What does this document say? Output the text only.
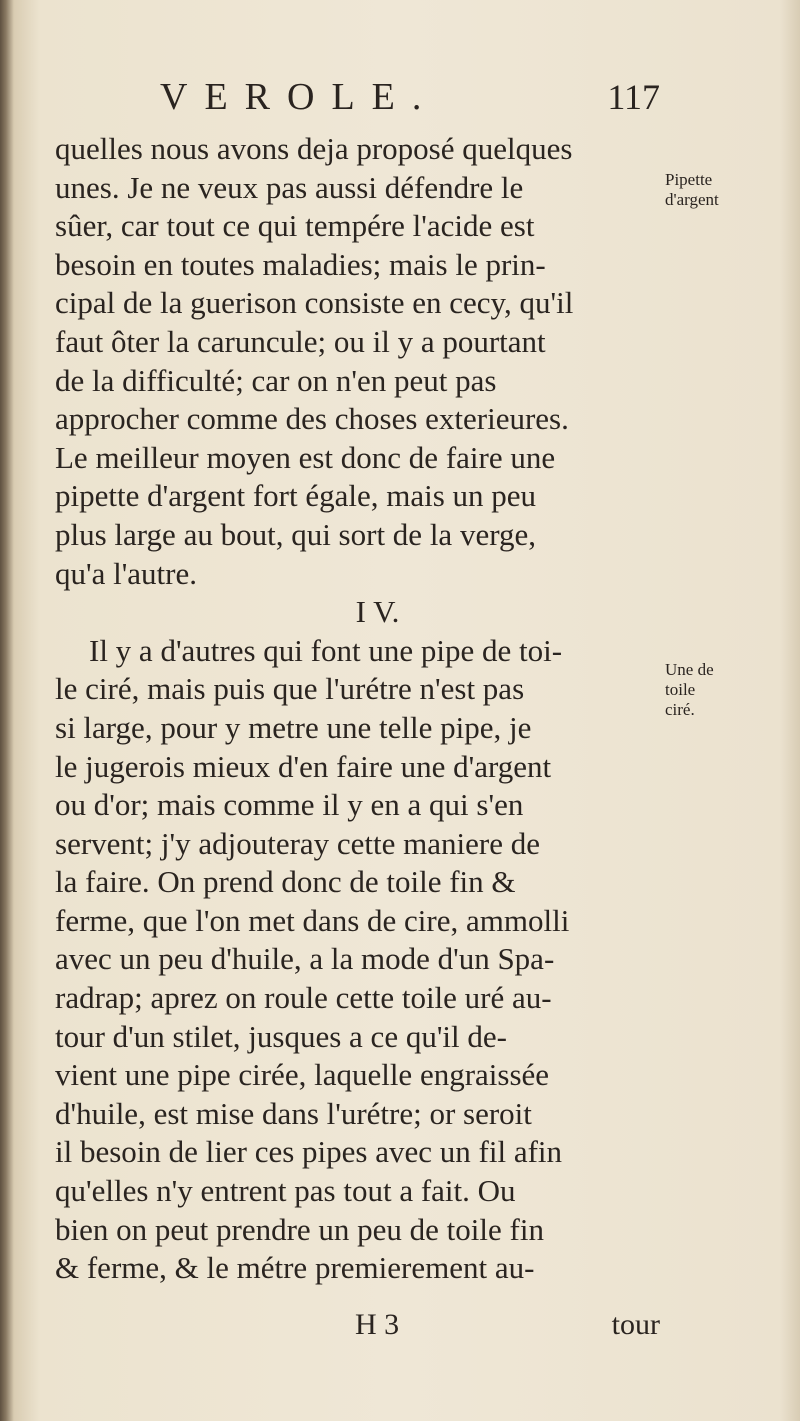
VEROLE.	117
quelles nous avons deja proposé quelques
unes. Je ne veux pas aussi défendre le
sûer, car tout ce qui tempére l'acide est
besoin en toutes maladies; mais le prin-
cipal de la guerison consiste en cecy, qu'il
faut ôter la caruncule; ou il y a pourtant
de la difficulté; car on n'en peut pas
approcher comme des choses exterieures.
Le meilleur moyen est donc de faire une
pipette d'argent fort égale, mais un peu
plus large au bout, qui sort de la verge,
qu'a l'autre.
I V.
Il y a d'autres qui font une pipe de toi-
le ciré, mais puis que l'urétre n'est pas
si large, pour y metre une telle pipe, je
le jugerois mieux d'en faire une d'argent
ou d'or; mais comme il y en a qui s'en
servent; j'y adjouteray cette maniere de
la faire. On prend donc de toile fin &
ferme, que l'on met dans de cire, ammolli
avec un peu d'huile, a la mode d'un Spa-
radrap; aprez on roule cette toile uré au-
tour d'un stilet, jusques a ce qu'il de-
vient une pipe cirée, laquelle engraissée
d'huile, est mise dans l'urétre; or seroit
il besoin de lier ces pipes avec un fil afin
qu'elles n'y entrent pas tout a fait. Ou
bien on peut prendre un peu de toile fin
& ferme, & le métre premierement au-
Pipette
d'argent
Une de
toile
ciré.
H 3	tour
